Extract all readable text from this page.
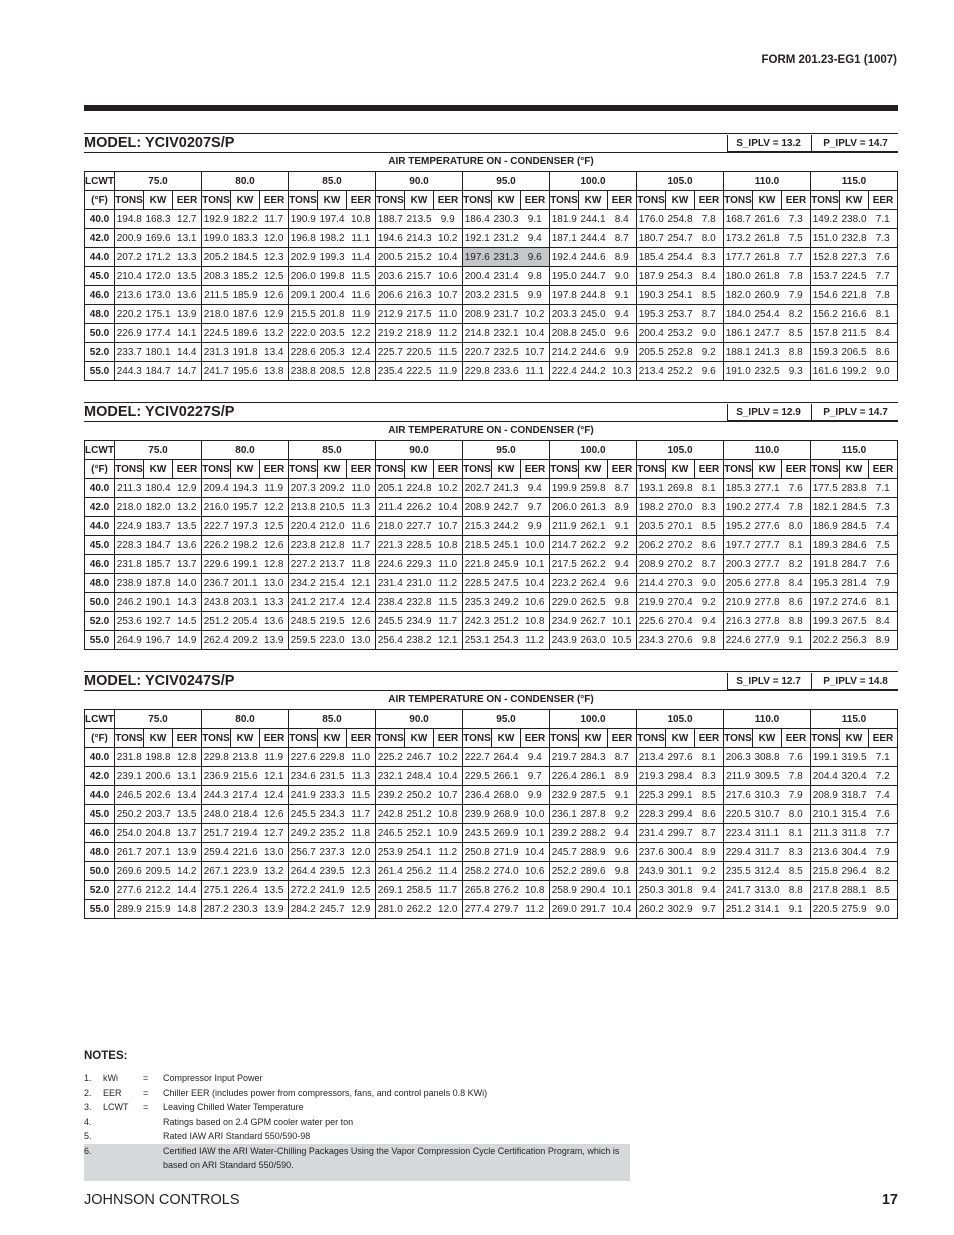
FORM 201.23-EG1 (1007)
MODEL: YCIV0207S/P	S_IPLV = 13.2	P_IPLV = 14.7
AIR TEMPERATURE ON - CONDENSER (°F)
LCWT	75.0			80.0			85.0			90.0			95.0			100.0			105.0			110.0			115.0		
(°F)	TONS	KW	EER	TONS	KW	EER	TONS	KW	EER	TONS	KW	EER	TONS	KW	EER	TONS	KW	EER	TONS	KW	EER	TONS	KW	EER	TONS	KW	EER
40.0	194.8	168.3	12.7	192.9	182.2	11.7	190.9	197.4	10.8	188.7	213.5	9.9	186.4	230.3	9.1	181.9	244.1	8.4	176.0	254.8	7.8	168.7	261.6	7.3	149.2	238.0	7.1
42.0	200.9	169.6	13.1	199.0	183.3	12.0	196.8	198.2	11.1	194.6	214.3	10.2	192.1	231.2	9.4	187.1	244.4	8.7	180.7	254.7	8.0	173.2	261.8	7.5	151.0	232.8	7.3
44.0	207.2	171.2	13.3	205.2	184.5	12.3	202.9	199.3	11.4	200.5	215.2	10.4	197.6	231.3	9.6	192.4	244.6	8.9	185.4	254.4	8.3	177.7	261.8	7.7	152.8	227.3	7.6
45.0	210.4	172.0	13.5	208.3	185.2	12.5	206.0	199.8	11.5	203.6	215.7	10.6	200.4	231.4	9.8	195.0	244.7	9.0	187.9	254.3	8.4	180.0	261.8	7.8	153.7	224.5	7.7
46.0	213.6	173.0	13.6	211.5	185.9	12.6	209.1	200.4	11.6	206.6	216.3	10.7	203.2	231.5	9.9	197.8	244.8	9.1	190.3	254.1	8.5	182.0	260.9	7.9	154.6	221.8	7.8
48.0	220.2	175.1	13.9	218.0	187.6	12.9	215.5	201.8	11.9	212.9	217.5	11.0	208.9	231.7	10.2	203.3	245.0	9.4	195.3	253.7	8.7	184.0	254.4	8.2	156.2	216.6	8.1
50.0	226.9	177.4	14.1	224.5	189.6	13.2	222.0	203.5	12.2	219.2	218.9	11.2	214.8	232.1	10.4	208.8	245.0	9.6	200.4	253.2	9.0	186.1	247.7	8.5	157.8	211.5	8.4
52.0	233.7	180.1	14.4	231.3	191.8	13.4	228.6	205.3	12.4	225.7	220.5	11.5	220.7	232.5	10.7	214.2	244.6	9.9	205.5	252.8	9.2	188.1	241.3	8.8	159.3	206.5	8.6
55.0	244.3	184.7	14.7	241.7	195.6	13.8	238.8	208.5	12.8	235.4	222.5	11.9	229.8	233.6	11.1	222.4	244.2	10.3	213.4	252.2	9.6	191.0	232.5	9.3	161.6	199.2	9.0
MODEL: YCIV0227S/P	S_IPLV = 12.9	P_IPLV = 14.7
AIR TEMPERATURE ON - CONDENSER (°F)
LCWT	75.0			80.0			85.0			90.0			95.0			100.0			105.0			110.0			115.0		
(°F)	TONS	KW	EER	TONS	KW	EER	TONS	KW	EER	TONS	KW	EER	TONS	KW	EER	TONS	KW	EER	TONS	KW	EER	TONS	KW	EER	TONS	KW	EER
40.0	211.3	180.4	12.9	209.4	194.3	11.9	207.3	209.2	11.0	205.1	224.8	10.2	202.7	241.3	9.4	199.9	259.8	8.7	193.1	269.8	8.1	185.3	277.1	7.6	177.5	283.8	7.1
42.0	218.0	182.0	13.2	216.0	195.7	12.2	213.8	210.5	11.3	211.4	226.2	10.4	208.9	242.7	9.7	206.0	261.3	8.9	198.2	270.0	8.3	190.2	277.4	7.8	182.1	284.5	7.3
44.0	224.9	183.7	13.5	222.7	197.3	12.5	220.4	212.0	11.6	218.0	227.7	10.7	215.3	244.2	9.9	211.9	262.1	9.1	203.5	270.1	8.5	195.2	277.6	8.0	186.9	284.5	7.4
45.0	228.3	184.7	13.6	226.2	198.2	12.6	223.8	212.8	11.7	221.3	228.5	10.8	218.5	245.1	10.0	214.7	262.2	9.2	206.2	270.2	8.6	197.7	277.7	8.1	189.3	284.6	7.5
46.0	231.8	185.7	13.7	229.6	199.1	12.8	227.2	213.7	11.8	224.6	229.3	11.0	221.8	245.9	10.1	217.5	262.2	9.4	208.9	270.2	8.7	200.3	277.7	8.2	191.8	284.7	7.6
48.0	238.9	187.8	14.0	236.7	201.1	13.0	234.2	215.4	12.1	231.4	231.0	11.2	228.5	247.5	10.4	223.2	262.4	9.6	214.4	270.3	9.0	205.6	277.8	8.4	195.3	281.4	7.9
50.0	246.2	190.1	14.3	243.8	203.1	13.3	241.2	217.4	12.4	238.4	232.8	11.5	235.3	249.2	10.6	229.0	262.5	9.8	219.9	270.4	9.2	210.9	277.8	8.6	197.2	274.6	8.1
52.0	253.6	192.7	14.5	251.2	205.4	13.6	248.5	219.5	12.6	245.5	234.9	11.7	242.3	251.2	10.8	234.9	262.7	10.1	225.6	270.4	9.4	216.3	277.8	8.8	199.3	267.5	8.4
55.0	264.9	196.7	14.9	262.4	209.2	13.9	259.5	223.0	13.0	256.4	238.2	12.1	253.1	254.3	11.2	243.9	263.0	10.5	234.3	270.6	9.8	224.6	277.9	9.1	202.2	256.3	8.9
MODEL: YCIV0247S/P	S_IPLV = 12.7	P_IPLV = 14.8
AIR TEMPERATURE ON - CONDENSER (°F)
LCWT	75.0			80.0			85.0			90.0			95.0			100.0			105.0			110.0			115.0		
(°F)	TONS	KW	EER	TONS	KW	EER	TONS	KW	EER	TONS	KW	EER	TONS	KW	EER	TONS	KW	EER	TONS	KW	EER	TONS	KW	EER	TONS	KW	EER
40.0	231.8	198.8	12.8	229.8	213.8	11.9	227.6	229.8	11.0	225.2	246.7	10.2	222.7	264.4	9.4	219.7	284.3	8.7	213.4	297.6	8.1	206.3	308.8	7.6	199.1	319.5	7.1
42.0	239.1	200.6	13.1	236.9	215.6	12.1	234.6	231.5	11.3	232.1	248.4	10.4	229.5	266.1	9.7	226.4	286.1	8.9	219.3	298.4	8.3	211.9	309.5	7.8	204.4	320.4	7.2
44.0	246.5	202.6	13.4	244.3	217.4	12.4	241.9	233.3	11.5	239.2	250.2	10.7	236.4	268.0	9.9	232.9	287.5	9.1	225.3	299.1	8.5	217.6	310.3	7.9	208.9	318.7	7.4
45.0	250.2	203.7	13.5	248.0	218.4	12.6	245.5	234.3	11.7	242.8	251.2	10.8	239.9	268.9	10.0	236.1	287.8	9.2	228.3	299.4	8.6	220.5	310.7	8.0	210.1	315.4	7.6
46.0	254.0	204.8	13.7	251.7	219.4	12.7	249.2	235.2	11.8	246.5	252.1	10.9	243.5	269.9	10.1	239.2	288.2	9.4	231.4	299.7	8.7	223.4	311.1	8.1	211.3	311.8	7.7
48.0	261.7	207.1	13.9	259.4	221.6	13.0	256.7	237.3	12.0	253.9	254.1	11.2	250.8	271.9	10.4	245.7	288.9	9.6	237.6	300.4	8.9	229.4	311.7	8.3	213.6	304.4	7.9
50.0	269.6	209.5	14.2	267.1	223.9	13.2	264.4	239.5	12.3	261.4	256.2	11.4	258.2	274.0	10.6	252.2	289.6	9.8	243.9	301.1	9.2	235.5	312.4	8.5	215.8	296.4	8.2
52.0	277.6	212.2	14.4	275.1	226.4	13.5	272.2	241.9	12.5	269.1	258.5	11.7	265.8	276.2	10.8	258.9	290.4	10.1	250.3	301.8	9.4	241.7	313.0	8.8	217.8	288.1	8.5
55.0	289.9	215.9	14.8	287.2	230.3	13.9	284.2	245.7	12.9	281.0	262.2	12.0	277.4	279.7	11.2	269.0	291.7	10.4	260.2	302.9	9.7	251.2	314.1	9.1	220.5	275.9	9.0
NOTES:
1. kWi	= Compressor Input Power
2. EER = Chiller EER (includes power from compressors, fans, and control panels 0.8 KWi)
3. LCWT = Leaving Chilled Water Temperature
4.	Ratings based on 2.4 GPM cooler water per ton
5.	Rated IAW ARI Standard 550/590-98
6.	Certified IAW the ARI Water-Chilling Packages Using the Vapor Compression Cycle Certification Program, which is based on ARI Standard 550/590.
JOHNSON CONTROLS	17
